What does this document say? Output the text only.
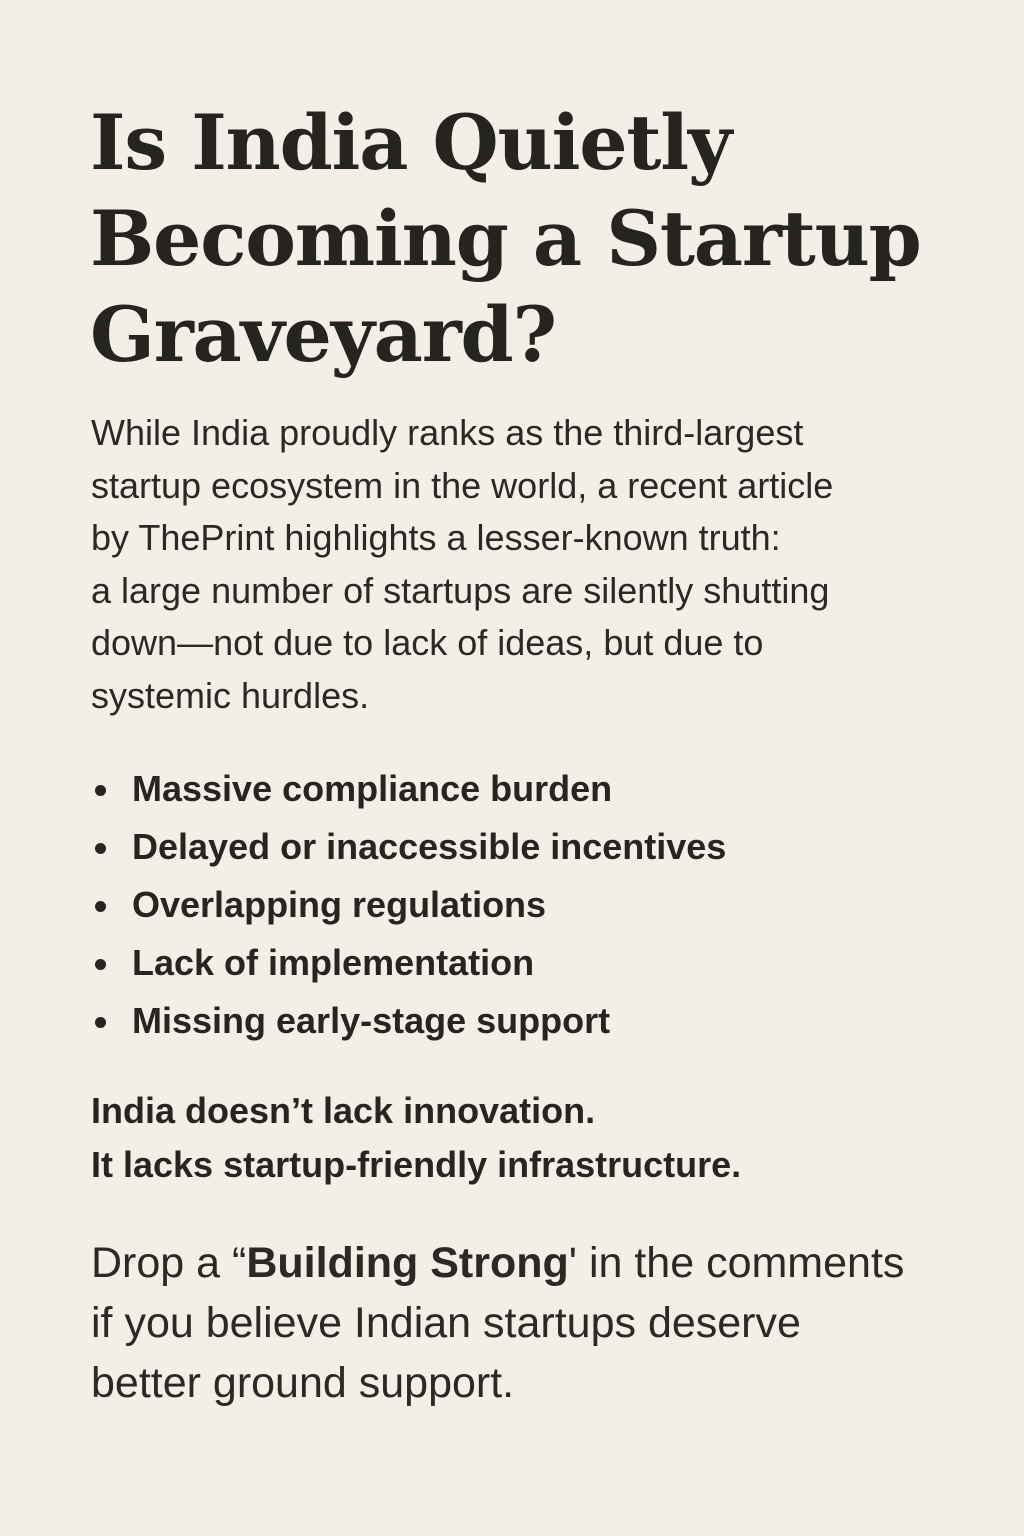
Is India Quietly
Becoming a Startup
Graveyard?

While India proudly ranks as the third-largest
startup ecosystem in the world, a recent article
by ThePrint highlights a lesser-known truth:
a large number of startups are silently shutting
down—not due to lack of ideas, but due to
systemic hurdles.

Massive compliance burden
Delayed or inaccessible incentives
Overlapping regulations
Lack of implementation
Missing early-stage support
India doesn’t lack innovation.
It lacks startup-friendly infrastructure.

Drop a “Building Strong' in the comments
if you believe Indian startups deserve
better ground support.
